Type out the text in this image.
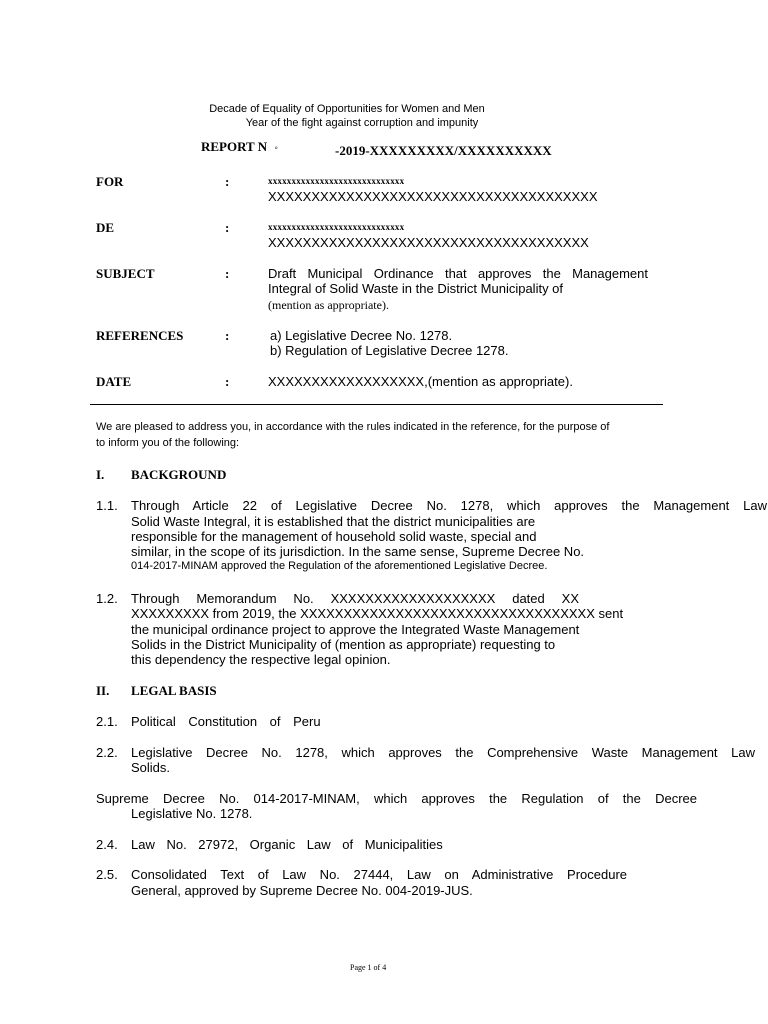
Decade of Equality of Opportunities for Women and Men
Year of the fight against corruption and impunity
REPORT N ◦	-2019-XXXXXXXXX/XXXXXXXXXX
FOR	:	xxxxxxxxxxxxxxxxxxxxxxxxxxxxx
XXXXXXXXXXXXXXXXXXXXXXXXXXXXXXXXXXXXXX
DE	:	xxxxxxxxxxxxxxxxxxxxxxxxxxxxx
XXXXXXXXXXXXXXXXXXXXXXXXXXXXXXXXXXXXX
SUBJECT	:	Draft Municipal Ordinance that approves the Management
Integral of Solid Waste in the District Municipality of
(mention as appropriate).
REFERENCES	:	a) Legislative Decree No. 1278.
b) Regulation of Legislative Decree 1278.
DATE	:	XXXXXXXXXXXXXXXXXX,(mention as appropriate).
We are pleased to address you, in accordance with the rules indicated in the reference, for the purpose of
to inform you of the following:
I. BACKGROUND
1.1. Through Article 22 of Legislative Decree No. 1278, which approves the Management Law
Solid Waste Integral, it is established that the district municipalities are
responsible for the management of household solid waste, special and
similar, in the scope of its jurisdiction. In the same sense, Supreme Decree No.
014-2017-MINAM approved the Regulation of the aforementioned Legislative Decree.
1.2. Through Memorandum No. XXXXXXXXXXXXXXXXXXX dated XX
XXXXXXXXX from 2019, the XXXXXXXXXXXXXXXXXXXXXXXXXXXXXXXXXX sent
the municipal ordinance project to approve the Integrated Waste Management
Solids in the District Municipality of (mention as appropriate) requesting to
this dependency the respective legal opinion.
II. LEGAL BASIS
2.1. Political Constitution of Peru
2.2. Legislative Decree No. 1278, which approves the Comprehensive Waste Management Law
Solids.
Supreme Decree No. 014-2017-MINAM, which approves the Regulation of the Decree
Legislative No. 1278.
2.4. Law No. 27972, Organic Law of Municipalities
2.5. Consolidated Text of Law No. 27444, Law on Administrative Procedure
General, approved by Supreme Decree No. 004-2019-JUS.
Page 1 of 4
